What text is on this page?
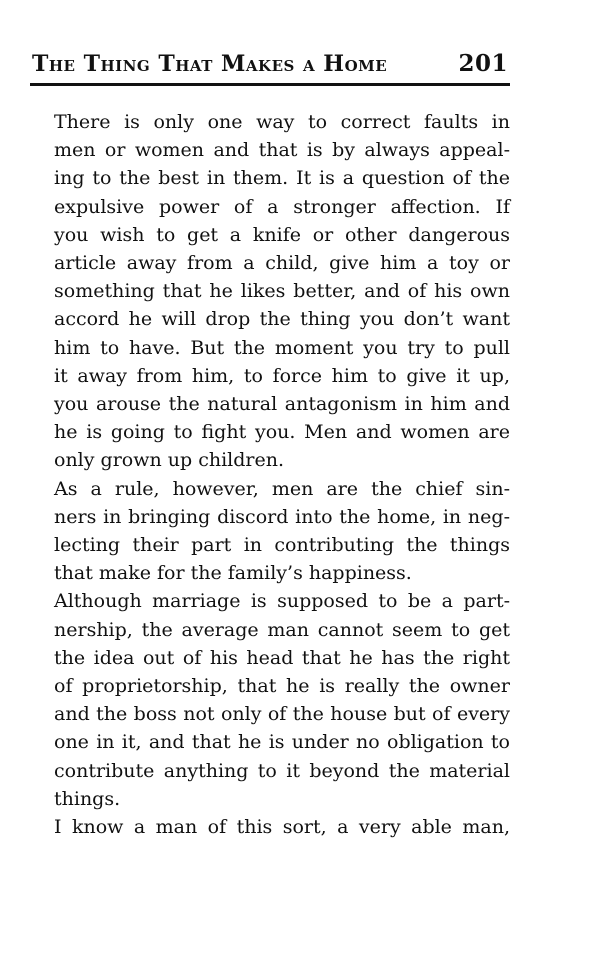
The Thing That Makes a Home	201

There is only one way to correct faults in
men or women and that is by always appeal-
ing to the best in them. It is a question of the
expulsive power of a stronger affection. If
you wish to get a knife or other dangerous
article away from a child, give him a toy or
something that he likes better, and of his own
accord he will drop the thing you don’t want
him to have. But the moment you try to pull
it away from him, to force him to give it up,
you arouse the natural antagonism in him and
he is going to fight you. Men and women are
only grown up children.

As a rule, however, men are the chief sin-
ners in bringing discord into the home, in neg-
lecting their part in contributing the things
that make for the family’s happiness.

Although marriage is supposed to be a part-
nership, the average man cannot seem to get
the idea out of his head that he has the right
of proprietorship, that he is really the owner
and the boss not only of the house but of every
one in it, and that he is under no obligation to
contribute anything to it beyond the material
things.

I know a man of this sort, a very able man,
